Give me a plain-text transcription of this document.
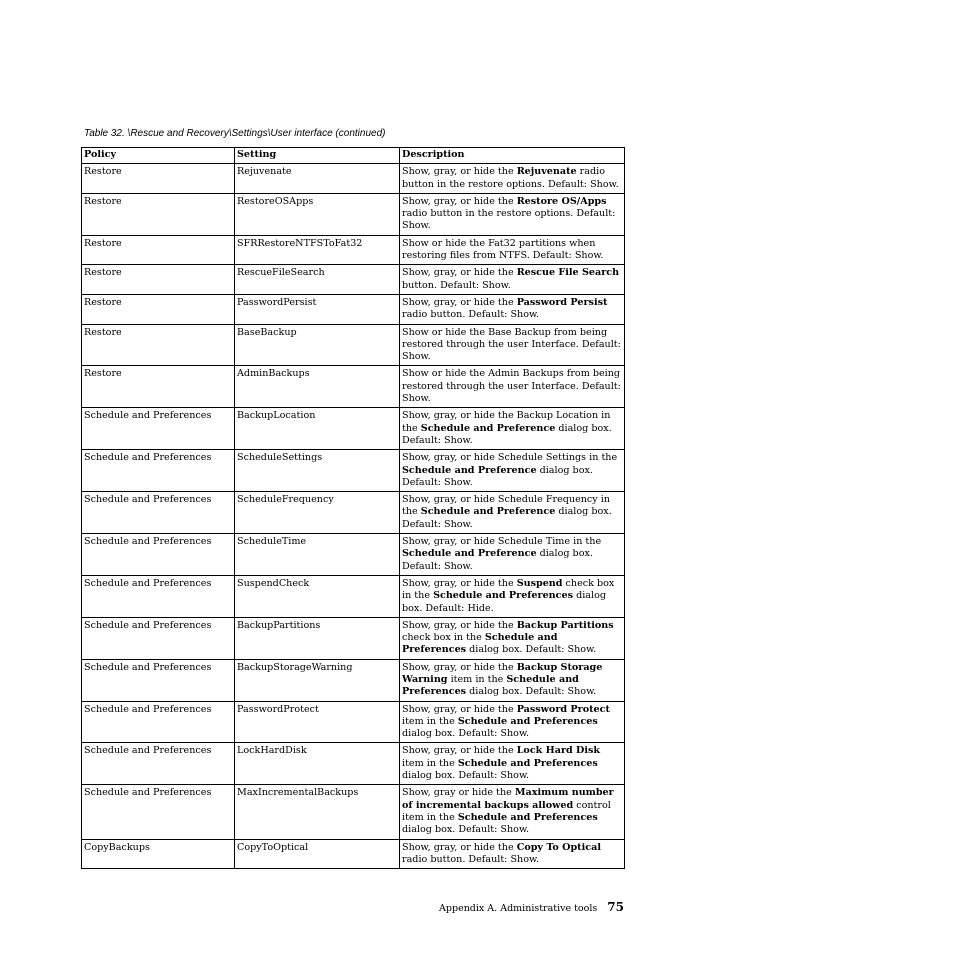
Table 32. \Rescue and Recovery\Settings\User interface (continued)
Policy	Setting	Description
Restore	Rejuvenate	Show, gray, or hide the Rejuvenate radio button in the restore options. Default: Show.
Restore	RestoreOSApps	Show, gray, or hide the Restore OS/Apps radio button in the restore options. Default: Show.
Restore	SFRRestoreNTFSToFat32	Show or hide the Fat32 partitions when restoring files from NTFS. Default: Show.
Restore	RescueFileSearch	Show, gray, or hide the Rescue File Search button. Default: Show.
Restore	PasswordPersist	Show, gray, or hide the Password Persist radio button. Default: Show.
Restore	BaseBackup	Show or hide the Base Backup from being restored through the user Interface. Default: Show.
Restore	AdminBackups	Show or hide the Admin Backups from being restored through the user Interface. Default: Show.
Schedule and Preferences	BackupLocation	Show, gray, or hide the Backup Location in the Schedule and Preference dialog box. Default: Show.
Schedule and Preferences	ScheduleSettings	Show, gray, or hide Schedule Settings in the Schedule and Preference dialog box. Default: Show.
Schedule and Preferences	ScheduleFrequency	Show, gray, or hide Schedule Frequency in the Schedule and Preference dialog box. Default: Show.
Schedule and Preferences	ScheduleTime	Show, gray, or hide Schedule Time in the Schedule and Preference dialog box. Default: Show.
Schedule and Preferences	SuspendCheck	Show, gray, or hide the Suspend check box in the Schedule and Preferences dialog box. Default: Hide.
Schedule and Preferences	BackupPartitions	Show, gray, or hide the Backup Partitions check box in the Schedule and Preferences dialog box. Default: Show.
Schedule and Preferences	BackupStorageWarning	Show, gray, or hide the Backup Storage Warning item in the Schedule and Preferences dialog box. Default: Show.
Schedule and Preferences	PasswordProtect	Show, gray, or hide the Password Protect item in the Schedule and Preferences dialog box. Default: Show.
Schedule and Preferences	LockHardDisk	Show, gray, or hide the Lock Hard Disk item in the Schedule and Preferences dialog box. Default: Show.
Schedule and Preferences	MaxIncrementalBackups	Show, gray or hide the Maximum number of incremental backups allowed control item in the Schedule and Preferences dialog box. Default: Show.
CopyBackups	CopyToOptical	Show, gray, or hide the Copy To Optical radio button. Default: Show.
Appendix A. Administrative tools 75
